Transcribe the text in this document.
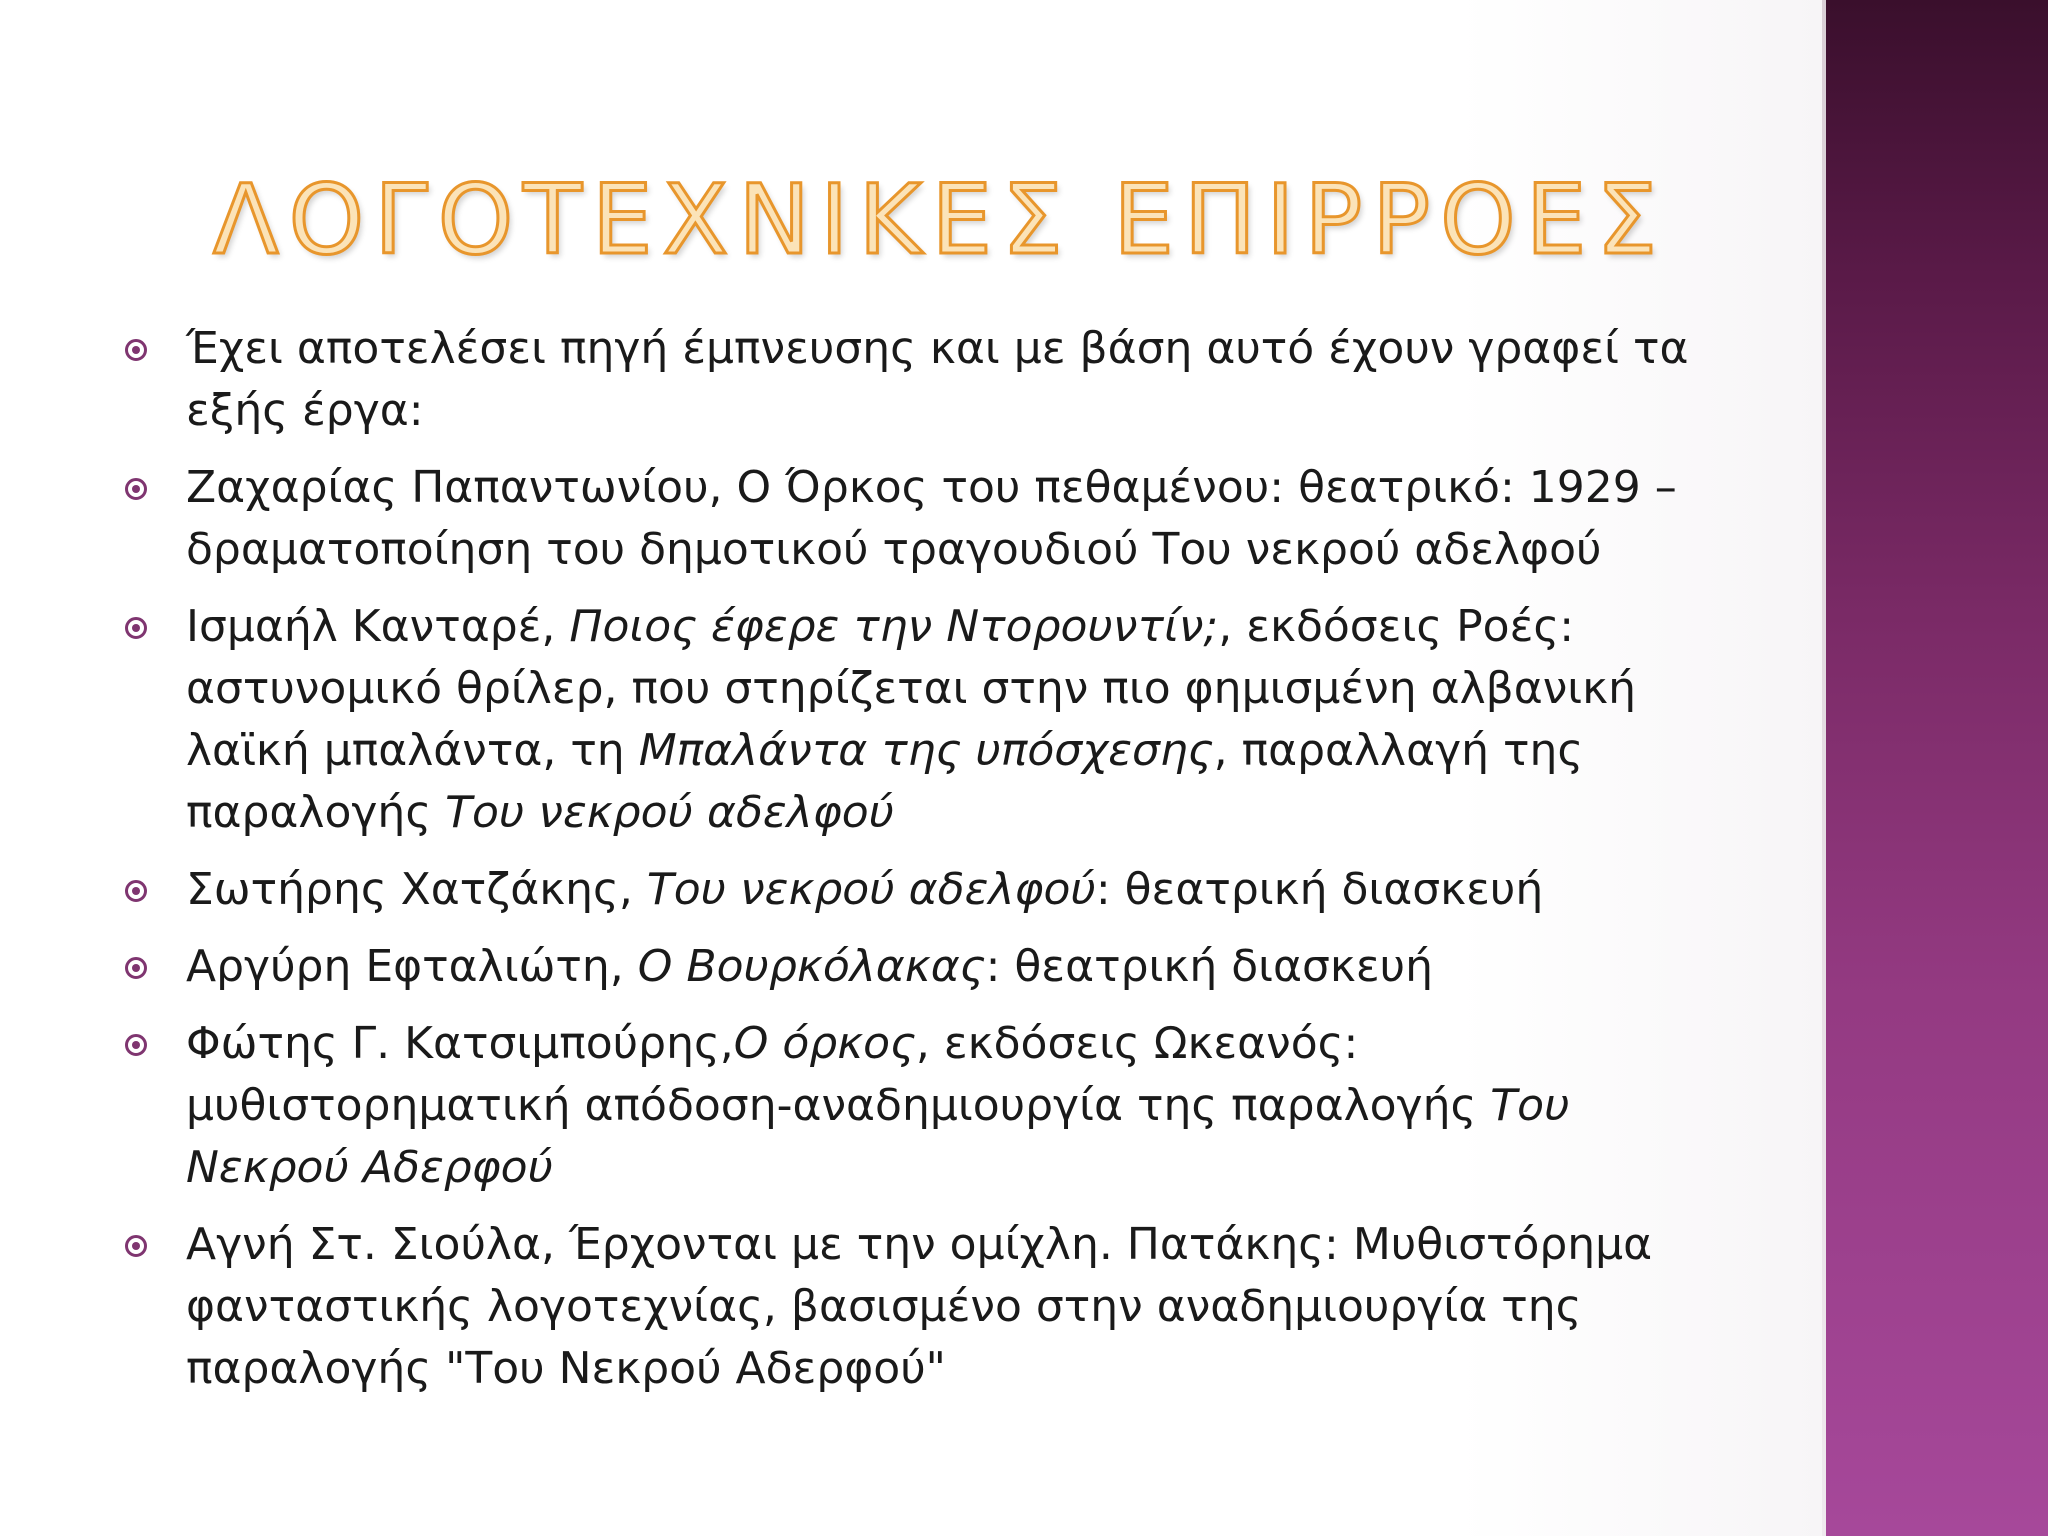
ΛΟΓΟΤΕΧΝΙΚΕΣ ΕΠΙΡΡΟΕΣ
Έχει αποτελέσει πηγή έμπνευσης και με βάση αυτό έχουν γραφεί τα εξής έργα:
Ζαχαρίας Παπαντωνίου, Ο Όρκος του πεθαμένου: θεατρικό: 1929 – δραματοποίηση του δημοτικού τραγουδιού Του νεκρού αδελφού
Ισμαήλ Κανταρέ, Ποιος έφερε την Ντορουντίν;, εκδόσεις Ροές: αστυνομικό θρίλερ, που στηρίζεται στην πιο φημισμένη αλβανική λαϊκή μπαλάντα, τη Μπαλάντα της υπόσχεσης, παραλλαγή της παραλογής Του νεκρού αδελφού
Σωτήρης Χατζάκης, Του νεκρού αδελφού: θεατρική διασκευή
Αργύρη Εφταλιώτη, Ο Βουρκόλακας: θεατρική διασκευή
Φώτης Γ. Κατσιμπούρης,Ο όρκος, εκδόσεις Ωκεανός: μυθιστορηματική απόδοση-αναδημιουργία της παραλογής Του Νεκρού Αδερφού
Αγνή Στ. Σιούλα, Έρχονται με την ομίχλη. Πατάκης: Μυθιστόρημα φανταστικής λογοτεχνίας, βασισμένο στην αναδημιουργία της παραλογής "Του Νεκρού Αδερφού"
